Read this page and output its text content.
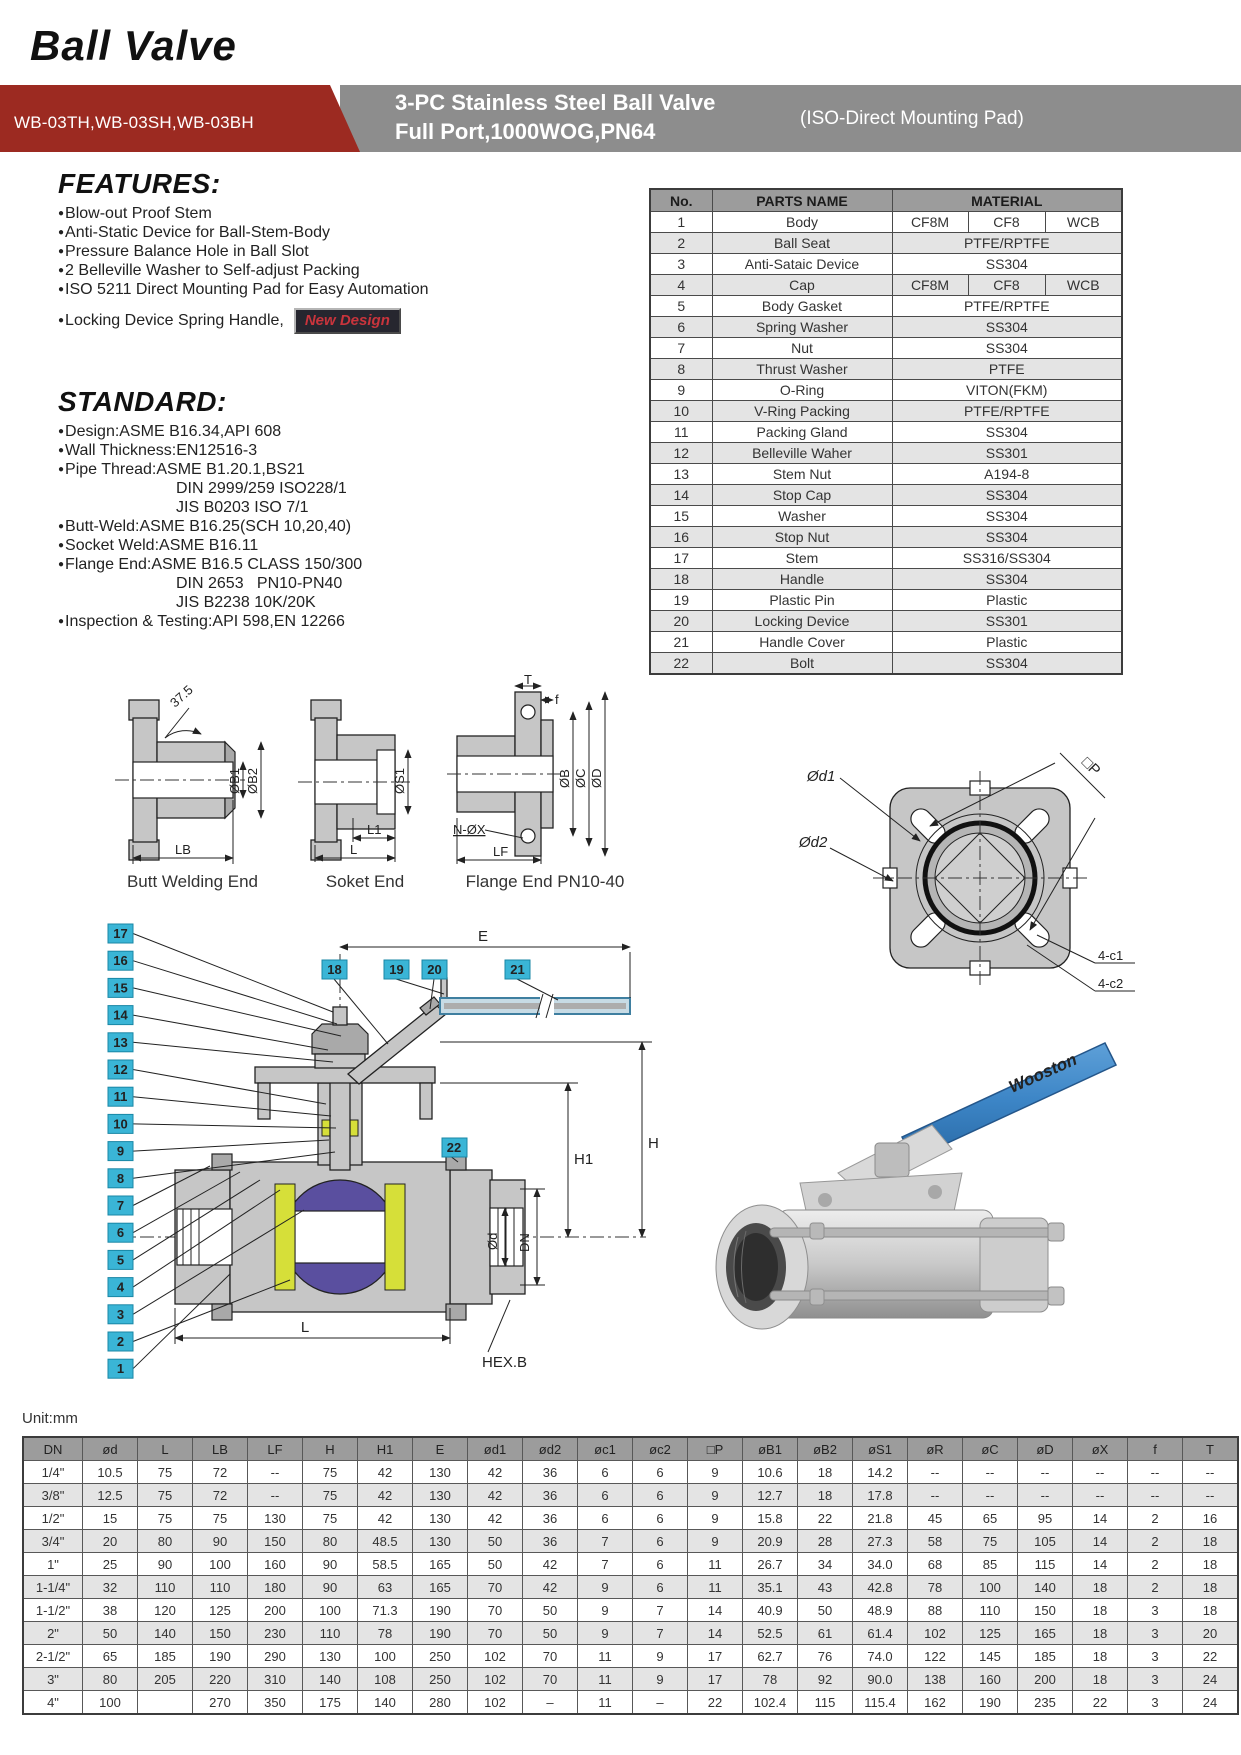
Ball Valve
WB-03TH,WB-03SH,WB-03BH
3-PC Stainless Steel Ball Valve
Full Port,1000WOG,PN64
(ISO-Direct Mounting Pad)
FEATURES:
●Blow-out Proof Stem
●Anti-Static Device for Ball-Stem-Body
●Pressure Balance Hole in Ball Slot
●2 Belleville Washer to Self-adjust Packing
●ISO 5211 Direct Mounting Pad for Easy Automation
●Locking Device Spring Handle, New Design
STANDARD:
●Design:ASME B16.34,API 608
●Wall Thickness:EN12516-3
●Pipe Thread:ASME B1.20.1,BS21
DIN 2999/259 ISO228/1
JIS B0203 ISO 7/1
●Butt-Weld:ASME B16.25(SCH 10,20,40)
●Socket Weld:ASME B16.11
●Flange End:ASME B16.5 CLASS 150/300
DIN 2653   PN10-PN40
JIS B2238 10K/20K
●Inspection & Testing:API 598,EN 12266
No.	PARTS NAME	MATERIAL		
1	Body	CF8M	CF8	WCB
2	Ball Seat	PTFE/RPTFE		
3	Anti-Sataic Device	SS304		
4	Cap	CF8M	CF8	WCB
5	Body Gasket	PTFE/RPTFE		
6	Spring Washer	SS304		
7	Nut	SS304		
8	Thrust Washer	PTFE		
9	O-Ring	VITON(FKM)		
10	V-Ring Packing	PTFE/RPTFE		
11	Packing Gland	SS304		
12	Belleville Waher	SS301		
13	Stem Nut	A194-8		
14	Stop Cap	SS304		
15	Washer	SS304		
16	Stop Nut	SS304		
17	Stem	SS316/SS304		
18	Handle	SS304		
19	Plastic Pin	Plastic		
20	Locking Device	SS301		
21	Handle Cover	Plastic		
22	Bolt	SS304		
37.5
ØB1 ØB2
LB
ØS1
L1
L
T
f
ØB ØC ØD
N-ØX
LF
Butt Welding End	Soket End	Flange End PN10-40
□P
Ød1
Ød2
4-c1
4-c2
E
H
H1
Ød DN
L
HEX.B
22
17
16
15
14
13
12
11
10
9
8
7
6
5
4
3
2
1
18	19 20	21
Wooston
Unit:mm
DN	ød	L	LB	LF	H	H1	E	ød1	ød2	øc1	øc2	□P	øB1	øB2	øS1	øR	øC	øD	øX	f	T
1/4"	10.5	75	72	--	75	42	130	42	36	6	6	9	10.6	18	14.2	--	--	--	--	--	--
3/8"	12.5	75	72	--	75	42	130	42	36	6	6	9	12.7	18	17.8	--	--	--	--	--	--
1/2"	15	75	75	130	75	42	130	42	36	6	6	9	15.8	22	21.8	45	65	95	14	2	16
3/4"	20	80	90	150	80	48.5	130	50	36	7	6	9	20.9	28	27.3	58	75	105	14	2	18
1"	25	90	100	160	90	58.5	165	50	42	7	6	11	26.7	34	34.0	68	85	115	14	2	18
1-1/4"	32	110	110	180	90	63	165	70	42	9	6	11	35.1	43	42.8	78	100	140	18	2	18
1-1/2"	38	120	125	200	100	71.3	190	70	50	9	7	14	40.9	50	48.9	88	110	150	18	3	18
2"	50	140	150	230	110	78	190	70	50	9	7	14	52.5	61	61.4	102	125	165	18	3	20
2-1/2"	65	185	190	290	130	100	250	102	70	11	9	17	62.7	76	74.0	122	145	185	18	3	22
3"	80	205	220	310	140	108	250	102	70	11	9	17	78	92	90.0	138	160	200	18	3	24
4"	100		270	350	175	140	280	102	–	11	–	22	102.4	115	115.4	162	190	235	22	3	24
